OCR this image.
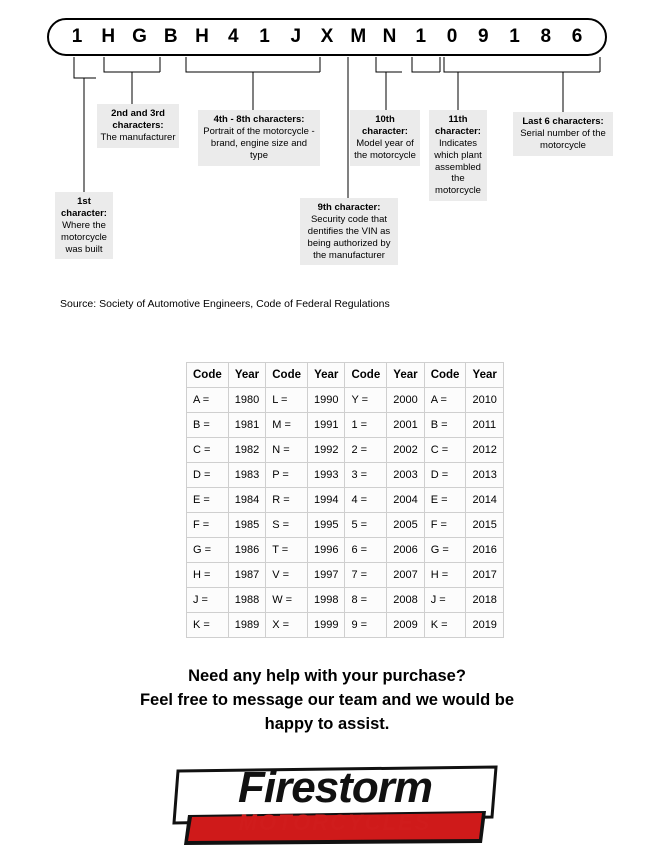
1	H G B H	4	1	J	X M N	1	0	9	1	8	6
1st character:
Where the motorcycle was built
2nd and 3rd characters:
The manufacturer
4th - 8th characters:
Portrait of the motorcycle - brand, engine size and type
10th character:
Model year of the motorcycle
11th character:
Indicates which plant assembled the motorcycle
Last 6 characters:
Serial number of the motorcycle
9th character:
Security code that dentifies the VIN as being authorized by the manufacturer
Source: Society of Automotive Engineers, Code of Federal Regulations
Code	Year	Code	Year	Code	Year	Code	Year
A =	1980	L =	1990	Y =	2000	A =	2010
B =	1981	M =	1991	1 =	2001	B =	2011
C =	1982	N =	1992	2 =	2002	C =	2012
D =	1983	P =	1993	3 =	2003	D =	2013
E =	1984	R =	1994	4 =	2004	E =	2014
F =	1985	S =	1995	5 =	2005	F =	2015
G =	1986	T =	1996	6 =	2006	G =	2016
H =	1987	V =	1997	7 =	2007	H =	2017
J =	1988	W =	1998	8 =	2008	J =	2018
K =	1989	X =	1999	9 =	2009	K =	2019
Need any help with your purchase?
Feel free to message our team and we would be
happy to assist.
Firestorm
MOTORCYCLES
